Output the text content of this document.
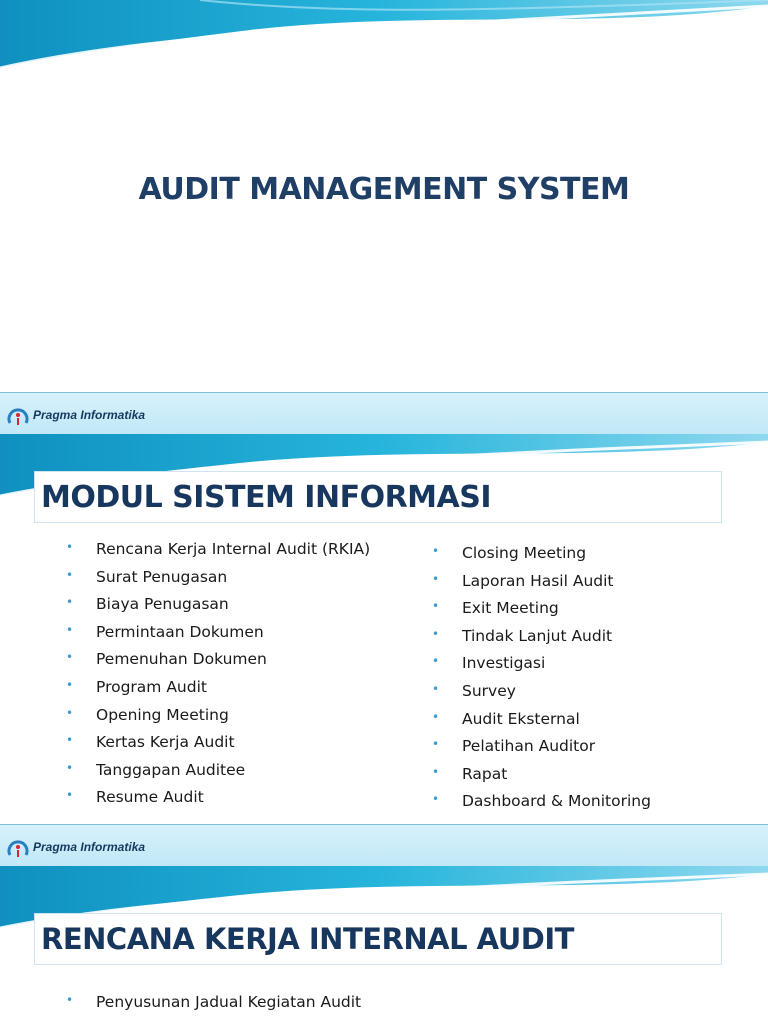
AUDIT MANAGEMENT SYSTEM
Pragma Informatika
MODUL SISTEM INFORMASI
• Rencana Kerja Internal Audit (RKIA)
• Surat Penugasan
• Biaya Penugasan
• Permintaan Dokumen
• Pemenuhan Dokumen
• Program Audit
• Opening Meeting
• Kertas Kerja Audit
• Tanggapan Auditee
• Resume Audit
• Closing Meeting
• Laporan Hasil Audit
• Exit Meeting
• Tindak Lanjut Audit
• Investigasi
• Survey
• Audit Eksternal
• Pelatihan Auditor
• Rapat
• Dashboard & Monitoring
Pragma Informatika
RENCANA KERJA INTERNAL AUDIT
• Penyusunan Jadual Kegiatan Audit
